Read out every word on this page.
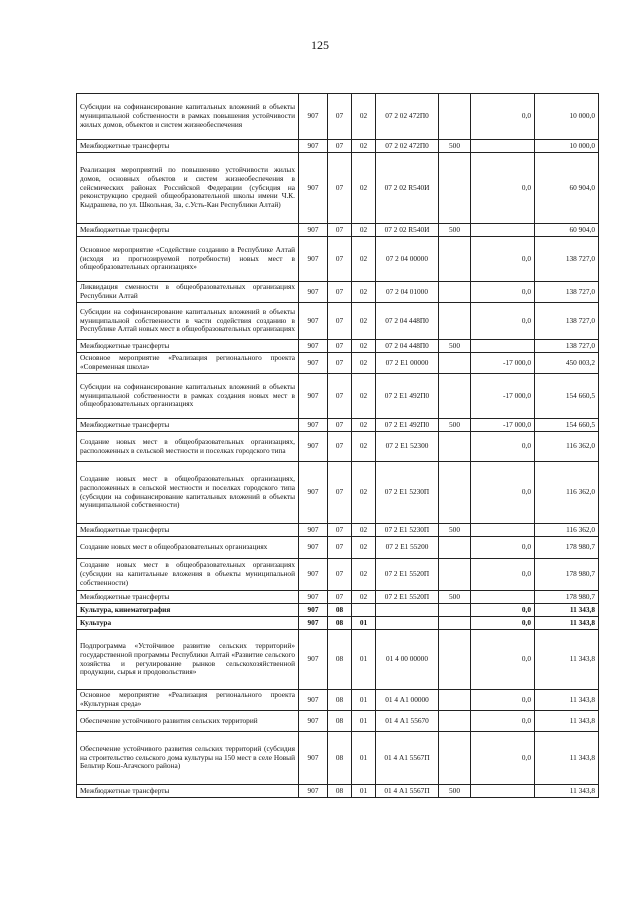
125
Субсидии на софинансирование капитальных вложений в объекты муниципальной собственности в рамках повышения устойчивости жилых домов, объектов и систем жизнеобеспечения	907	07	02	07 2 02 472П0		0,0	10 000,0
Межбюджетные трансферты	907	07	02	07 2 02 472П0	500		10 000,0
Реализация мероприятий по повышению устойчивости жилых домов, основных объектов и систем жизнеобеспечения в сейсмических районах Российской Федерации (субсидия на реконструкцию средней общеобразовательной школы имени Ч.К. Кыдрашева, по ул. Школьная, 3а, с.Усть-Кан Республики Алтай)	907	07	02	07 2 02 R540И		0,0	60 904,0
Межбюджетные трансферты	907	07	02	07 2 02 R540И	500		60 904,0
Основное мероприятие «Содействие созданию в Республике Алтай (исходя из прогнозируемой потребности) новых мест в общеобразовательных организациях»	907	07	02	07 2 04 00000		0,0	138 727,0
Ликвидация сменности в общеобразовательных организациях Республики Алтай	907	07	02	07 2 04 01000		0,0	138 727,0
Субсидии на софинансирование капитальных вложений в объекты муниципальной собственности в части содействия созданию в Республике Алтай новых мест в общеобразовательных организациях	907	07	02	07 2 04 448П0		0,0	138 727,0
Межбюджетные трансферты	907	07	02	07 2 04 448П0	500		138 727,0
Основное мероприятие «Реализация регионального проекта «Современная школа»	907	07	02	07 2 Е1 00000		-17 000,0	450 003,2
Субсидии на софинансирование капитальных вложений в объекты муниципальной собственности в рамках создания новых мест в общеобразовательных организациях	907	07	02	07 2 Е1 492П0		-17 000,0	154 660,5
Межбюджетные трансферты	907	07	02	07 2 Е1 492П0	500	-17 000,0	154 660,5
Создание новых мест в общеобразовательных организациях, расположенных в сельской местности и поселках городского типа	907	07	02	07 2 Е1 52300		0,0	116 362,0
Создание новых мест в общеобразовательных организациях, расположенных в сельской местности и поселках городского типа (субсидии на софинансирование капитальных вложений в объекты муниципальной собственности)	907	07	02	07 2 Е1 5230П		0,0	116 362,0
Межбюджетные трансферты	907	07	02	07 2 Е1 5230П	500		116 362,0
Создание новых мест в общеобразовательных организациях	907	07	02	07 2 Е1 55200		0,0	178 980,7
Создание новых мест в общеобразовательных организациях (субсидии на капитальные вложения в объекты муниципальной собственности)	907	07	02	07 2 Е1 5520П		0,0	178 980,7
Межбюджетные трансферты	907	07	02	07 2 Е1 5520П	500		178 980,7
Культура, кинематография	907	08				0,0	11 343,8
Культура	907	08	01			0,0	11 343,8
Подпрограмма «Устойчивое развитие сельских территорий» государственной программы Республики Алтай «Развитие сельского хозяйства и регулирование рынков сельскохозяйственной продукции, сырья и продовольствия»	907	08	01	01 4 00 00000		0,0	11 343,8
Основное мероприятие «Реализация регионального проекта «Культурная среда»	907	08	01	01 4 А1 00000		0,0	11 343,8
Обеспечение устойчивого развития сельских территорий	907	08	01	01 4 А1 55670		0,0	11 343,8
Обеспечение устойчивого развития сельских территорий (субсидия на строительство сельского дома культуры на 150 мест в селе Новый Бельтир Кош-Агачского района)	907	08	01	01 4 А1 5567П		0,0	11 343,8
Межбюджетные трансферты	907	08	01	01 4 А1 5567П	500		11 343,8
